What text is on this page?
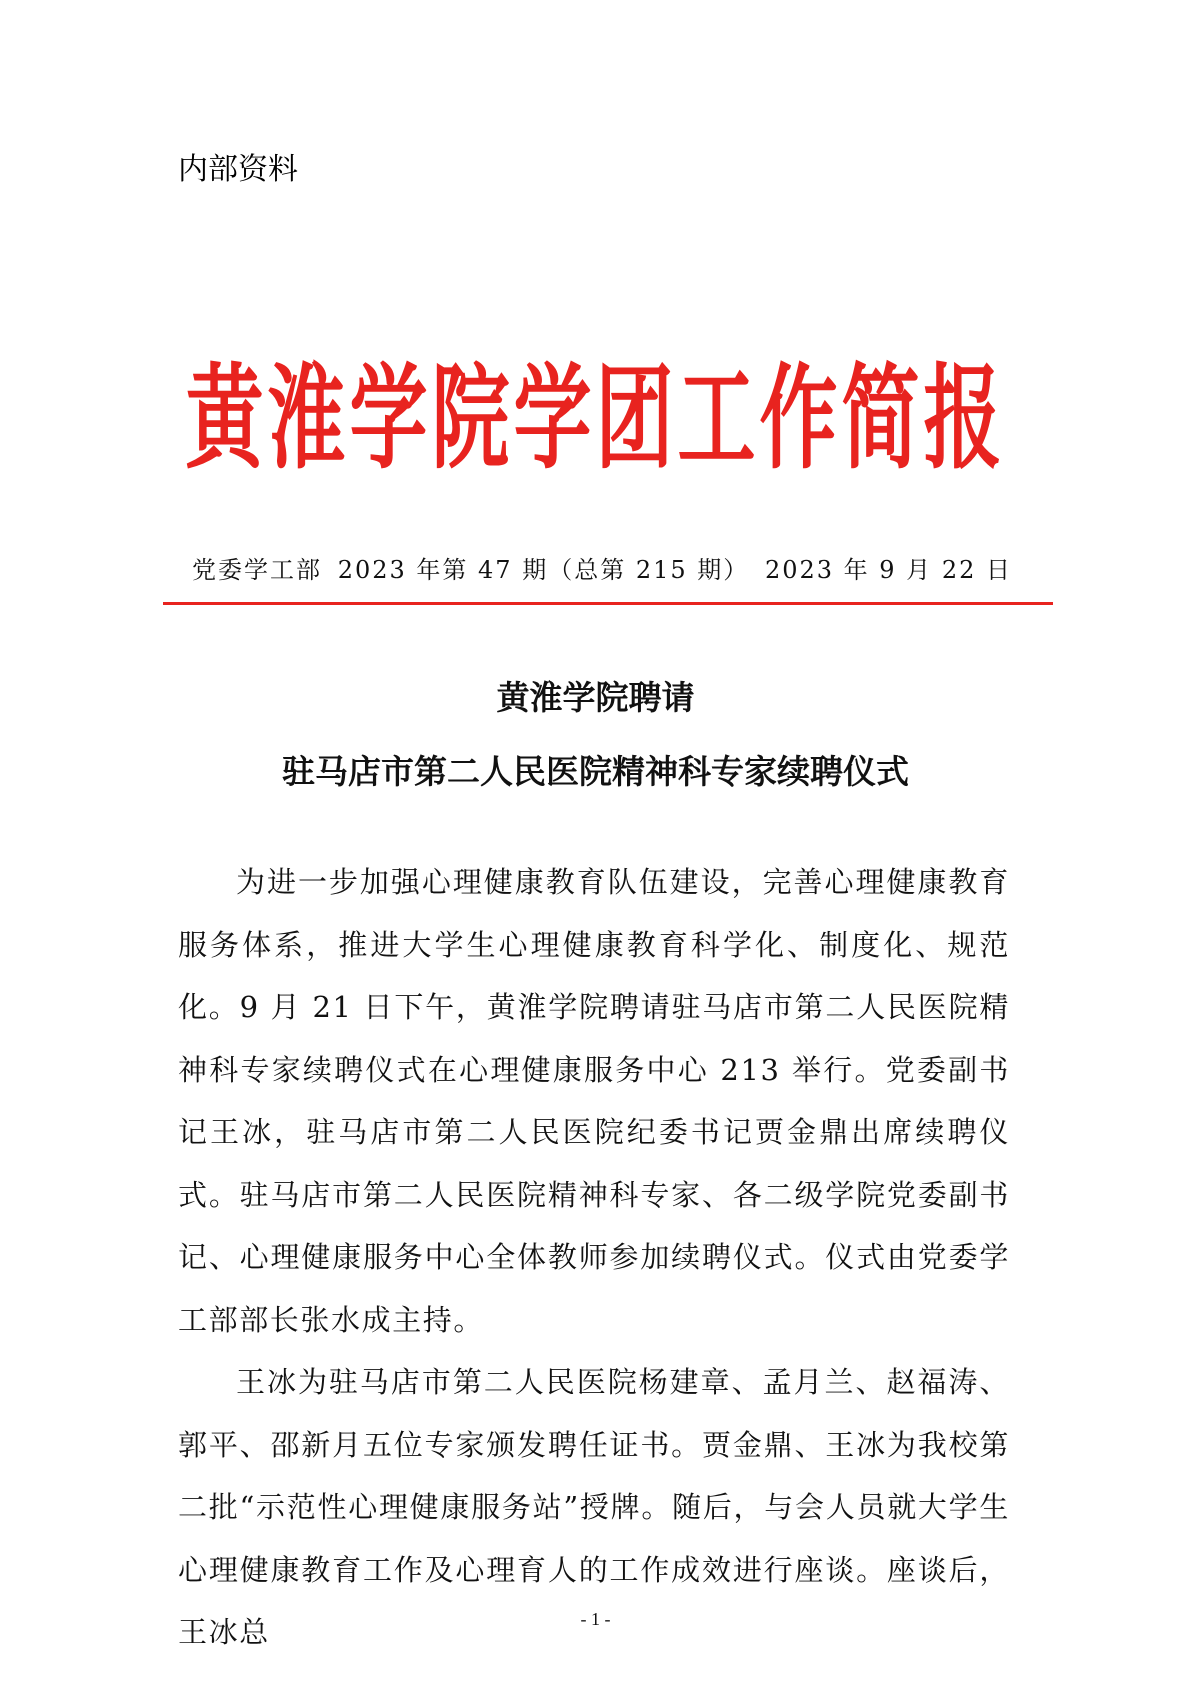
内部资料
黄淮学院学团工作简报
党委学工部 2023 年第 47 期（总第 215 期） 2023 年 9 月 22 日
黄淮学院聘请
驻马店市第二人民医院精神科专家续聘仪式

为进一步加强心理健康教育队伍建设，完善心理健康教育服务体系，推进大学生心理健康教育科学化、制度化、规范化。9 月 21 日下午，黄淮学院聘请驻马店市第二人民医院精神科专家续聘仪式在心理健康服务中心 213 举行。党委副书记王冰，驻马店市第二人民医院纪委书记贾金鼎出席续聘仪式。驻马店市第二人民医院精神科专家、各二级学院党委副书记、心理健康服务中心全体教师参加续聘仪式。仪式由党委学工部部长张水成主持。

王冰为驻马店市第二人民医院杨建章、孟月兰、赵福涛、郭平、邵新月五位专家颁发聘任证书。贾金鼎、王冰为我校第二批“示范性心理健康服务站”授牌。随后，与会人员就大学生心理健康教育工作及心理育人的工作成效进行座谈。座谈后，王冰总	- 1 -
